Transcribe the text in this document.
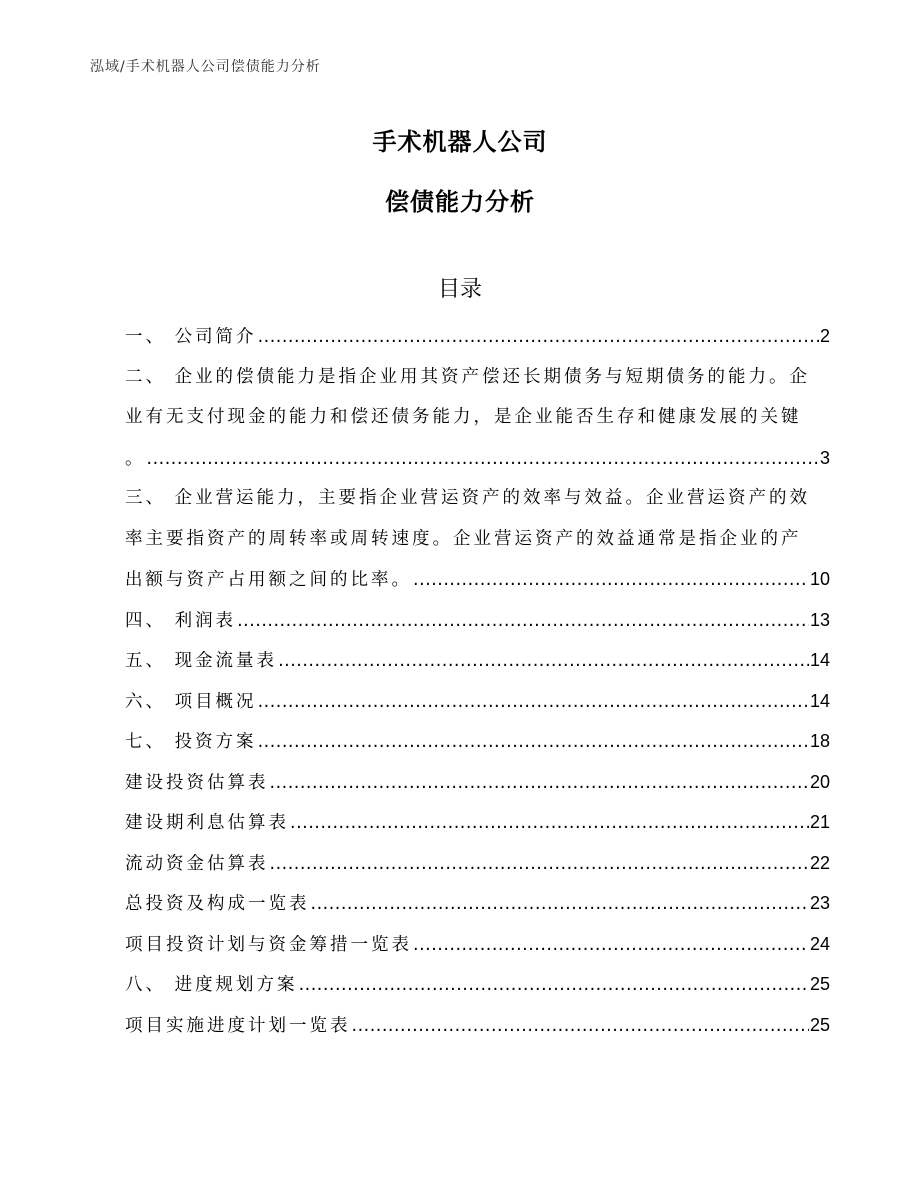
泓域/手术机器人公司偿债能力分析
手术机器人公司
偿债能力分析
目录
一、 公司简介 .....	2
二、 企业的偿债能力是指企业用其资产偿还长期债务与短期债务的能力。企
业有无支付现金的能力和偿还债务能力，是企业能否生存和健康发展的关键
。 .....	3
三、 企业营运能力，主要指企业营运资产的效率与效益。企业营运资产的效
率主要指资产的周转率或周转速度。企业营运资产的效益通常是指企业的产
出额与资产占用额之间的比率。 .....	10
四、 利润表 .....	13
五、 现金流量表 .....	14
六、 项目概况 .....	14
七、 投资方案 .....	18
建设投资估算表 .....	20
建设期利息估算表 .....	21
流动资金估算表 .....	22
总投资及构成一览表 .....	23
项目投资计划与资金筹措一览表 .....	24
八、 进度规划方案 .....	25
项目实施进度计划一览表 .....	25
